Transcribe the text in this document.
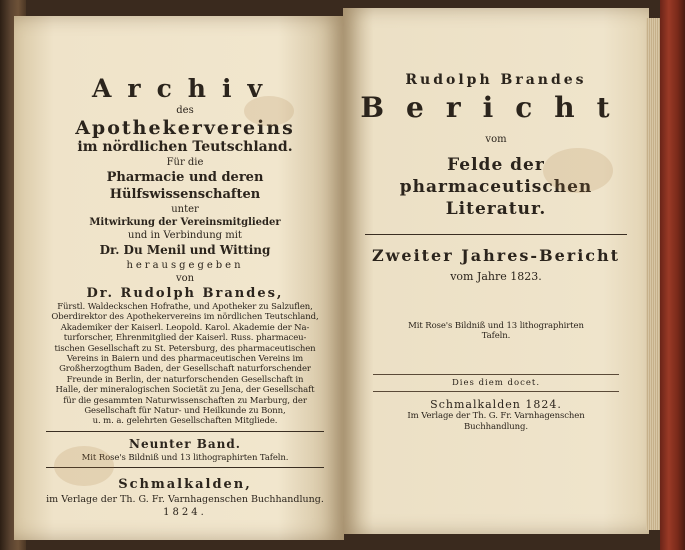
Archiv

des

Apothekervereins

im nördlichen Teutschland.

Für die

Pharmacie und deren Hülfswissenschaften

unter

Mitwirkung der Vereinsmitglieder

und in Verbindung mit

Dr. Du Menil und Witting

herausgegeben

von

Dr. Rudolph Brandes,

Fürstl. Waldeckschen Hofrathe, und Apotheker zu Salzuflen,

Oberdirektor des Apothekervereins im nördlichen Teutschland,

Akademiker der Kaiserl. Leopold. Karol. Akademie der Na-

turforscher, Ehrenmitglied der Kaiserl. Russ. pharmaceu-

tischen Gesellschaft zu St. Petersburg, des pharmaceutischen

Vereins in Baiern und des pharmaceutischen Vereins im

Großherzogthum Baden, der Gesellschaft naturforschender

Freunde in Berlin, der naturforschenden Gesellschaft in

Halle, der mineralogischen Societät zu Jena, der Gesellschaft

für die gesammten Naturwissenschaften zu Marburg, der

Gesellschaft für Natur- und Heilkunde zu Bonn,

u. m. a. gelehrten Gesellschaften Mitgliede.

Neunter Band.

Mit Rose's Bildniß und 13 lithographirten Tafeln.

Schmalkalden,

im Verlage der Th. G. Fr. Varnhagenschen Buchhandlung.

1824.

Rudolph Brandes

Bericht

vom

Felde der pharmaceutischen

Literatur.

Zweiter Jahres-Bericht

vom Jahre 1823.

Mit Rose's Bildniß und 13 lithographirten

Tafeln.

Dies diem docet.

Schmalkalden 1824.

Im Verlage der Th. G. Fr. Varnhagenschen

Buchhandlung.
